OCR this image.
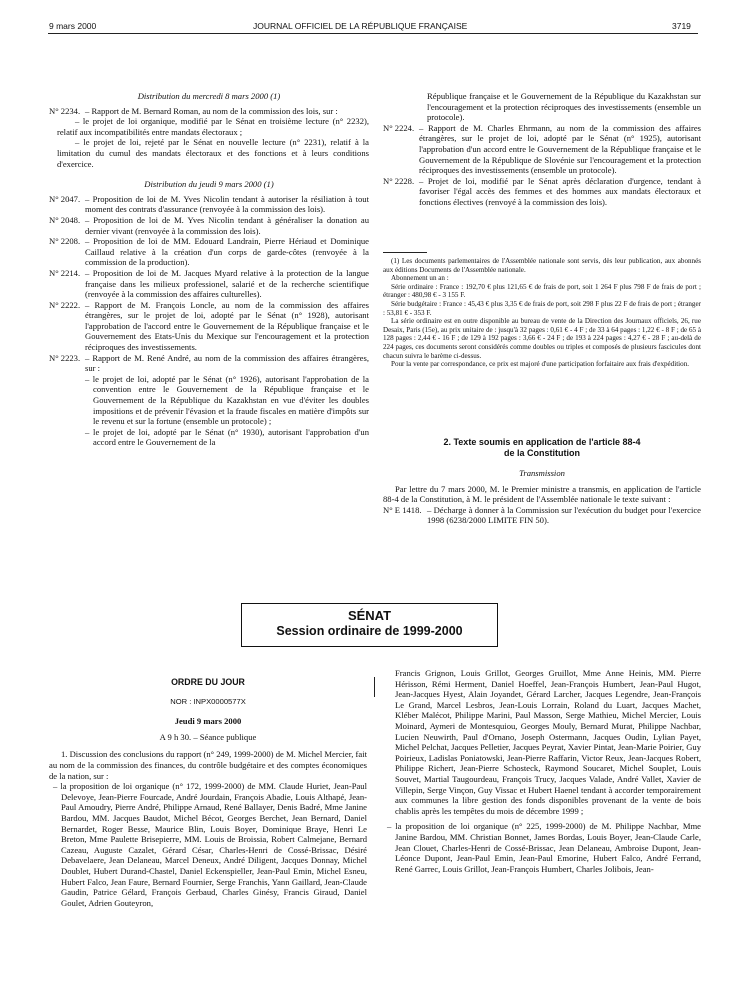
9 mars 2000	JOURNAL OFFICIEL DE LA RÉPUBLIQUE FRANÇAISE	3719
Distribution du mercredi 8 mars 2000 (1)
N° 2234. – Rapport de M. Bernard Roman, au nom de la commission des lois, sur :

– le projet de loi organique, modifié par le Sénat en troisième lecture (n° 2232), relatif aux incompatibilités entre mandats électoraux ;

– le projet de loi, rejeté par le Sénat en nouvelle lecture (n° 2231), relatif à la limitation du cumul des mandats électoraux et des fonctions et à leurs conditions d'exercice.

Distribution du jeudi 9 mars 2000 (1)
N° 2047. – Proposition de loi de M. Yves Nicolin tendant à autoriser la résiliation à tout moment des contrats d'assurance (renvoyée à la commission des lois).
N° 2048. – Proposition de loi de M. Yves Nicolin tendant à généraliser la donation au dernier vivant (renvoyée à la commission des lois).
N° 2208. – Proposition de loi de MM. Edouard Landrain, Pierre Hériaud et Dominique Caillaud relative à la création d'un corps de garde-côtes (renvoyée à la commission de la production).
N° 2214. – Proposition de loi de M. Jacques Myard relative à la protection de la langue française dans les milieux professionel, salarié et de la recherche scientifique (renvoyée à la commission des affaires culturelles).
N° 2222. – Rapport de M. François Loncle, au nom de la commission des affaires étrangères, sur le projet de loi, adopté par le Sénat (n° 1928), autorisant l'approbation de l'accord entre le Gouvernement de la République française et le Gouvernement des Etats-Unis du Mexique sur l'encouragement et la protection réciproques des investissements.
N° 2223. – Rapport de M. René André, au nom de la commission des affaires étrangères, sur :

– le projet de loi, adopté par le Sénat (n° 1926), autorisant l'approbation de la convention entre le Gouvernement de la République française et le Gouvernement de la République du Kazakhstan en vue d'éviter les doubles impositions et de prévenir l'évasion et la fraude fiscales en matière d'impôts sur le revenu et sur la fortune (ensemble un protocole) ;

– le projet de loi, adopté par le Sénat (n° 1930), autorisant l'approbation d'un accord entre le Gouvernement de la

République française et le Gouvernement de la République du Kazakhstan sur l'encouragement et la protection réciproques des investissements (ensemble un protocole).

N° 2224. – Rapport de M. Charles Ehrmann, au nom de la commission des affaires étrangères, sur le projet de loi, adopté par le Sénat (n° 1925), autorisant l'approbation d'un accord entre le Gouvernement de la République française et le Gouvernement de la République de Slovénie sur l'encouragement et la protection réciproques des investissements (ensemble un protocole).
N° 2228. – Projet de loi, modifié par le Sénat après déclaration d'urgence, tendant à favoriser l'égal accès des femmes et des hommes aux mandats électoraux et fonctions électives (renvoyé à la commission des lois).

(1) Les documents parlementaires de l'Assemblée nationale sont servis, dès leur publication, aux abonnés aux éditions Documents de l'Assemblée nationale.

Abonnement un an :

Série ordinaire : France : 192,70 € plus 121,65 € de frais de port, soit 1 264 F plus 798 F de frais de port ; étranger : 480,98 € - 3 155 F.

Série budgétaire : France : 45,43 € plus 3,35 € de frais de port, soit 298 F plus 22 F de frais de port ; étranger : 53,81 € - 353 F.

La série ordinaire est en outre disponible au bureau de vente de la Direction des Journaux officiels, 26, rue Desaix, Paris (15e), au prix unitaire de : jusqu'à 32 pages : 0,61 € - 4 F ; de 33 à 64 pages : 1,22 € - 8 F ; de 65 à 128 pages : 2,44 € - 16 F ; de 129 à 192 pages : 3,66 € - 24 F ; de 193 à 224 pages : 4,27 € - 28 F ; au-delà de 224 pages, ces documents seront considérés comme doubles ou triples et composés de plusieurs fascicules dont chacun suivra le barème ci-dessus.

Pour la vente par correspondance, ce prix est majoré d'une participation forfaitaire aux frais d'expédition.

2. Texte soumis en application de l'article 88-4
de la Constitution
Transmission

Par lettre du 7 mars 2000, M. le Premier ministre a transmis, en application de l'article 88-4 de la Constitution, à M. le président de l'Assemblée nationale le texte suivant :

N° E 1418. – Décharge à donner à la Commission sur l'exécution du budget pour l'exercice 1998 (6238/2000 LIMITE FIN 50).
SÉNAT
Session ordinaire de 1999-2000
ORDRE DU JOUR
NOR : INPX0000577X
Jeudi 9 mars 2000
A 9 h 30. – Séance publique

1. Discussion des conclusions du rapport (n° 249, 1999-2000) de M. Michel Mercier, fait au nom de la commission des finances, du contrôle budgétaire et des comptes économiques de la nation, sur :

– la proposition de loi organique (n° 172, 1999-2000) de MM. Claude Huriet, Jean-Paul Delevoye, Jean-Pierre Fourcade, André Jourdain, François Abadie, Louis Althapé, Jean-Paul Amoudry, Pierre André, Philippe Arnaud, René Ballayer, Denis Badré, Mme Janine Bardou, MM. Jacques Baudot, Michel Bécot, Georges Berchet, Jean Bernard, Daniel Bernardet, Roger Besse, Maurice Blin, Louis Boyer, Dominique Braye, Henri Le Breton, Mme Paulette Brisepierre, MM. Louis de Broissia, Robert Calmejane, Bernard Cazeau, Auguste Cazalet, Gérard César, Charles-Henri de Cossé-Brissac, Désiré Debavelaere, Jean Delaneau, Marcel Deneux, André Diligent, Jacques Donnay, Michel Doublet, Hubert Durand-Chastel, Daniel Eckenspieller, Jean-Paul Emin, Michel Esneu, Hubert Falco, Jean Faure, Bernard Fournier, Serge Franchis, Yann Gaillard, Jean-Claude Gaudin, Patrice Gélard, François Gerbaud, Charles Ginésy, Francis Giraud, Daniel Goulet, Adrien Gouteyron,

Francis Grignon, Louis Grillot, Georges Gruillot, Mme Anne Heinis, MM. Pierre Hérisson, Rémi Herment, Daniel Hoeffel, Jean-François Humbert, Jean-Paul Hugot, Jean-Jacques Hyest, Alain Joyandet, Gérard Larcher, Jacques Legendre, Jean-François Le Grand, Marcel Lesbros, Jean-Louis Lorrain, Roland du Luart, Jacques Machet, Kléber Malécot, Philippe Marini, Paul Masson, Serge Mathieu, Michel Mercier, Louis Moinard, Aymeri de Montesquiou, Georges Mouly, Bernard Murat, Philippe Nachbar, Lucien Neuwirth, Paul d'Ornano, Joseph Ostermann, Jacques Oudin, Lylian Payet, Michel Pelchat, Jacques Pelletier, Jacques Peyrat, Xavier Pintat, Jean-Marie Poirier, Guy Poirieux, Ladislas Poniatowski, Jean-Pierre Raffarin, Victor Reux, Jean-Jacques Robert, Philippe Richert, Jean-Pierre Schosteck, Raymond Soucaret, Michel Souplet, Louis Souvet, Martial Taugourdeau, François Trucy, Jacques Valade, André Vallet, Xavier de Villepin, Serge Vinçon, Guy Vissac et Hubert Haenel tendant à accorder temporairement aux communes la libre gestion des fonds disponibles provenant de la vente de bois chablis après les tempêtes du mois de décembre 1999 ;

– la proposition de loi organique (n° 225, 1999-2000) de M. Philippe Nachbar, Mme Janine Bardou, MM. Christian Bonnet, James Bordas, Louis Boyer, Jean-Claude Carle, Jean Clouet, Charles-Henri de Cossé-Brissac, Jean Delaneau, Ambroise Dupont, Jean-Léonce Dupont, Jean-Paul Emin, Jean-Paul Emorine, Hubert Falco, André Ferrand, René Garrec, Louis Grillot, Jean-François Humbert, Charles Jolibois, Jean-
